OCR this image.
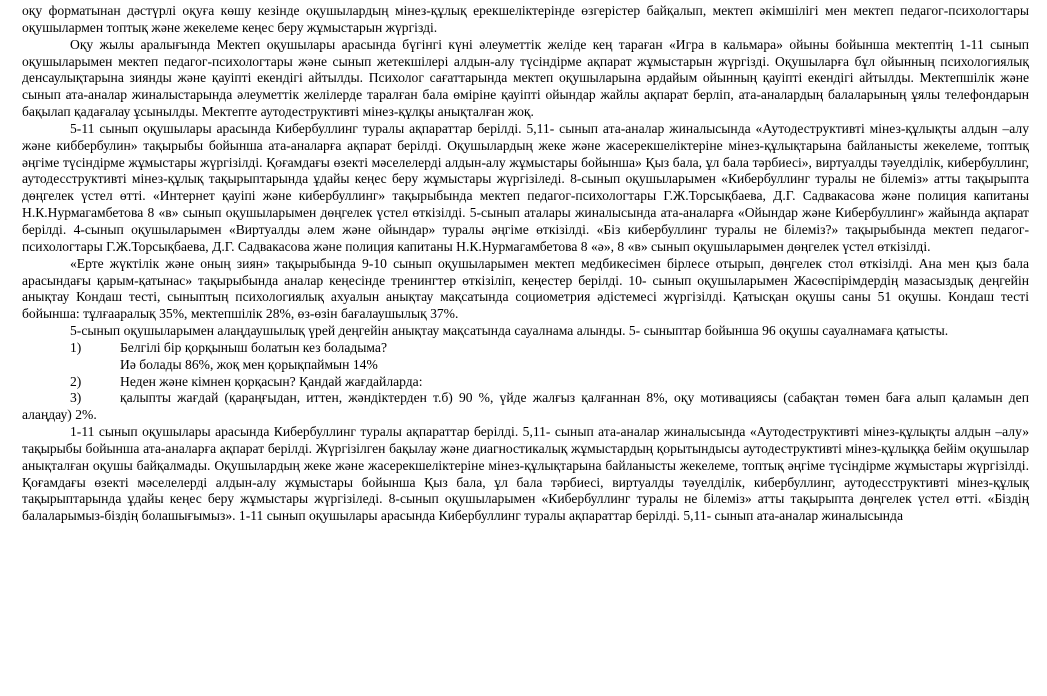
оқу форматынан дәстүрлі оқуға көшу кезінде оқушылардың мінез-құлық ерекшеліктерінде өзгерістер байқалып, мектеп әкімшілігі мен мектеп педагог-психологтары оқушылармен топтық және жекелеме кеңес беру жұмыстарын жүргізді.

Оқу жылы аралығында Мектеп оқушылары арасында бүгінгі күні әлеуметтік желіде кең тараған «Игра в кальмара» ойыны бойынша мектептің 1-11 сынып оқушыларымен мектеп педагог-психологтары және сынып жетекшілері алдын-алу түсіндірме ақпарат жұмыстарын жүргізді. Оқушыларға бұл ойынның психологиялық денсаулықтарына зиянды және қауіпті екендігі айтылды. Психолог сағаттарында мектеп оқушыларына әрдайым ойынның қауіпті екендігі айтылды. Мектепшілік және сынып ата-аналар жиналыстарында әлеуметтік желілерде таралған бала өміріне қауіпті ойындар жайлы ақпарат берліп, ата-аналардың балаларының ұялы телефондарын бақылап қадағалау ұсынылды. Мектепте аутодеструктивті мінез-құлқы анықталған жоқ.

5-11 сынып оқушылары арасында Кибербуллинг туралы ақпараттар берілді. 5,11- сынып ата-аналар жиналысында «Аутодеструктивті мінез-құлықты алдын –алу және киббербулин» тақырыбы бойынша ата-аналарға ақпарат берілді. Оқушылардың жеке және жасерекшеліктеріне мінез-құлықтарына байланысты жекелеме, топтық әңгіме түсіндірме жұмыстары жүргізілді. Қоғамдағы өзекті мәселелерді алдын-алу жұмыстары бойынша» Қыз бала, ұл бала тәрбиесі», виртуалды тәуелділік, кибербуллинг, аутодесструктивті мінез-құлық тақырыптарында ұдайы кеңес беру жұмыстары жүргізіледі. 8-сынып оқушыларымен «Кибербуллинг туралы не білеміз» атты тақырыпта дөңгелек үстел өтті. «Интернет қауіпі және кибербуллинг» тақырыбында мектеп педагог-психологтары Г.Ж.Торсықбаева, Д.Г. Садвакасова және полиция капитаны Н.К.Нурмагамбетова 8 «в» сынып оқушыларымен дөңгелек үстел өткізілді. 5-сынып аталары жиналысында ата-аналарға «Ойындар және Кибербуллинг» жайында ақпарат берілді. 4-сынып оқушыларымен «Виртуалды әлем және ойындар» туралы әңгіме өткізілді. «Біз кибербуллинг туралы не білеміз?» тақырыбында мектеп педагог-психологтары Г.Ж.Торсықбаева, Д.Г. Садвакасова және полиция капитаны Н.К.Нурмагамбетова 8 «ә», 8 «в» сынып оқушыларымен дөңгелек үстел өткізілді.

«Ерте жүктілік және оның зиян» тақырыбында 9-10 сынып оқушыларымен мектеп медбикесімен бірлесе отырып, дөңгелек стол өткізілді. Ана мен қыз бала арасындағы қарым-қатынас» тақырыбында аналар кеңесінде тренингтер өткізіліп, кеңестер берілді. 10- сынып оқушыларымен Жасөспірімдердің мазасыздық деңгейін анықтау Кондаш тесті, сыныптың психологиялық ахуалын анықтау мақсатында социометрия әдістемесі жүргізілді. Қатысқан оқушы саны 51 оқушы. Кондаш тесті бойынша: тұлғааралық 35%, мектепшілік 28%, өз-өзін бағалаушылық 37%.

5-сынып оқушыларымен алаңдаушылық үрей деңгейін анықтау мақсатында сауалнама алынды. 5- сыныптар бойынша 96 оқушы сауалнамаға қатысты.

1)	Белгілі бір қорқыныш болатын кез боладыма?

Иә болады 86%, жоқ мен қорықпаймын 14%

2)	Неден және кімнен қорқасын? Қандай жағдайларда:

3)	қалыпты жағдай (қараңғыдан, иттен, жәндіктерден т.б) 90 %, үйде жалғыз қалғаннан 8%, оқу мотивациясы (сабақтан төмен баға алып қаламын деп алаңдау) 2%.

1-11 сынып оқушылары арасында Кибербуллинг туралы ақпараттар берілді. 5,11- сынып ата-аналар жиналысында «Аутодеструктивті мінез-құлықты алдын –алу» тақырыбы бойынша ата-аналарға ақпарат берілді. Жүргізілген бақылау және диагностикалық жұмыстардың қорытындысы аутодеструктивті мінез-құлыққа бейім оқушылар анықталған оқушы байқалмады. Оқушылардың жеке және жасерекшеліктеріне мінез-құлықтарына байланысты жекелеме, топтық әңгіме түсіндірме жұмыстары жүргізілді. Қоғамдағы өзекті мәселелерді алдын-алу жұмыстары бойынша Қыз бала, ұл бала тәрбиесі, виртуалды тәуелділік, кибербуллинг, аутодесструктивті мінез-құлық тақырыптарында ұдайы кеңес беру жұмыстары жүргізіледі. 8-сынып оқушыларымен «Кибербуллинг туралы не білеміз» атты тақырыпта дөңгелек үстел өтті. «Біздің балаларымыз-біздің болашығымыз». 1-11 сынып оқушылары арасында Кибербуллинг туралы ақпараттар берілді. 5,11- сынып ата-аналар жиналысында
